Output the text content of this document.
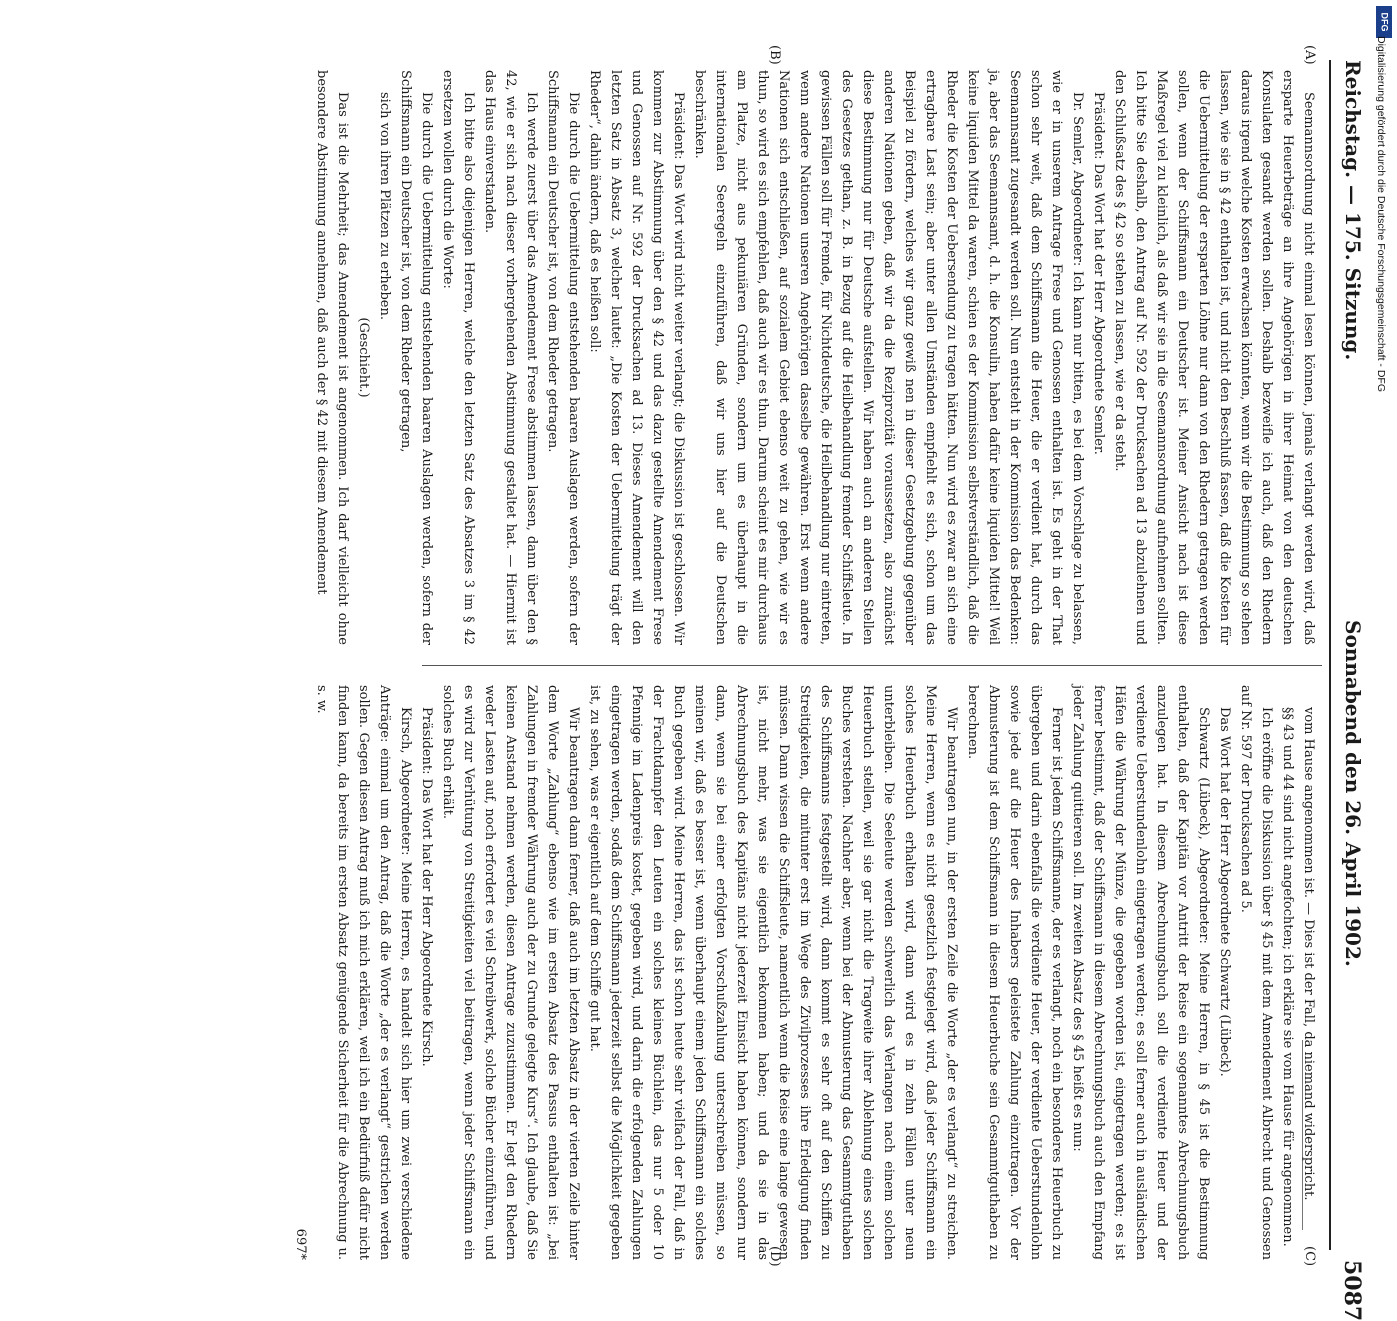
Reichstag. — 175. Sitzung.
Sonnabend den 26. April 1902.
5087
(A)
(B)
(C)
(D)

Seemannsordnung nicht einmal lesen können, jemals verlangt werden wird, daß ersparte Heuerbeträge an ihre Angehörigen in ihrer Heimat von den deutschen Konsulaten gesandt werden sollen. Deshalb bezweifle ich auch, daß den Rhedern daraus irgend welche Kosten erwachsen könnten, wenn wir die Bestimmung so stehen lassen, wie sie in § 42 enthalten ist, und nicht den Beschluß fassen, daß die Kosten für die Uebermittelung der ersparten Löhne nur dann von den Rhedern getragen werden sollen, wenn der Schiffsmann ein Deutscher ist. Meiner Ansicht nach ist diese Maßregel viel zu kleinlich, als daß wir sie in die Seemannsordnung aufnehmen sollten. Ich bitte Sie deshalb, den Antrag auf Nr. 592 der Drucksachen ad 13 abzulehnen und den Schlußsatz des § 42 so stehen zu lassen, wie er da steht.

Präsident: Das Wort hat der Herr Abgeordnete Semler.

Dr. Semler, Abgeordneter: Ich kann nur bitten, es bei dem Vorschlage zu belassen, wie er in unserem Antrage Frese und Genossen enthalten ist. Es geht in der That schon sehr weit, daß dem Schiffsmann die Heuer, die er verdient hat, durch das Seemannsamt zugesandt werden soll. Nun entsteht in der Kommission das Bedenken: ja, aber das Seemannsamt, d. h. die Konsulin, haben dafür keine liquiden Mittel! Weil keine liquiden Mittel da waren, schien es der Kommission selbstverständlich, daß die Rheder die Kosten der Uebersendung zu tragen hätten. Nun wird es zwar an sich eine ertragbare Last sein; aber unter allen Umständen empfiehlt es sich, schon um das Beispiel zu fördern, welches wir ganz gewiß nen in dieser Gesetzgebung gegenüber anderen Nationen geben, daß wir da die Reziprozität voraussetzen, also zunächst diese Bestimmung nur für Deutsche aufstellen. Wir haben auch an anderen Stellen des Gesetzes gethan, z. B. in Bezug auf die Heilbehandlung fremder Schiffsleute. In gewissen Fällen soll für Fremde, für Nichtdeutsche, die Heilbehandlung nur eintreten, wenn andere Nationen unseren Angehörigen dasselbe gewähren. Erst wenn andere Nationen sich entschließen, auf sozialem Gebiet ebenso weit zu gehen, wie wir es thun, so wird es sich empfehlen, daß auch wir es thun. Darum scheint es mir durchaus am Platze, nicht aus pekuniären Gründen, sondern um es überhaupt in die internationalen Seeregeln einzuführen, daß wir uns hier auf die Deutschen beschränken.

Präsident: Das Wort wird nicht weiter verlangt; die Diskussion ist geschlossen. Wir kommen zur Abstimmung über den § 42 und das dazu gestellte Amendement Frese und Genossen auf Nr. 592 der Drucksachen ad 13. Dieses Amendement will den letzten Satz in Absatz 3, welcher lautet: „Die Kosten der Uebermittelung trägt der Rheder“, dahin ändern, daß es heißen soll:

Die durch die Uebermittelung entstehenden baaren Auslagen werden, sofern der Schiffsmann ein Deutscher ist, von dem Rheder getragen.

Ich werde zuerst über das Amendement Frese abstimmen lassen, dann über den § 42, wie er sich nach dieser vorhergehenden Abstimmung gestaltet hat. — Hiermit ist das Haus einverstanden.

Ich bitte also diejenigen Herren, welche den letzten Satz des Absatzes 3 im § 42 ersetzen wollen durch die Worte:

Die durch die Uebermittelung entstehenden baaren Auslagen werden, sofern der Schiffsmann ein Deutscher ist, von dem Rheder getragen,

sich von ihren Plätzen zu erheben.

(Geschieht.)

Das ist die Mehrheit; das Amendement ist angenommen. Ich darf vielleicht ohne besondere Abstimmung annehmen, daß auch der § 42 mit diesem Amendement

vom Hause angenommen ist. — Dies ist der Fall, da niemand widerspricht.

§§ 43 und 44 sind nicht angefochten; ich erkläre sie vom Hause für angenommen.

Ich eröffne die Diskussion über § 45 mit dem Amendement Albrecht und Genossen auf Nr. 597 der Drucksachen ad 5.

Das Wort hat der Herr Abgeordnete Schwartz (Lübeck).

Schwartz (Lübeck), Abgeordneter: Meine Herren, in § 45 ist die Bestimmung enthalten, daß der Kapitän vor Antritt der Reise ein sogenanntes Abrechnungsbuch anzulegen hat. In diesem Abrechnungsbuch soll die verdiente Heuer und der verdiente Ueberstundenlohn eingetragen werden; es soll ferner auch in ausländischen Häfen die Währung der Münze, die gegeben worden ist, eingetragen werden; es ist ferner bestimmt, daß der Schiffsmann in diesem Abrechnungsbuch auch den Empfang jeder Zahlung quittieren soll. Im zweiten Absatz des § 45 heißt es nun:

Ferner ist jedem Schiffsmanne, der es verlangt, noch ein besonderes Heuerbuch zu übergeben und darin ebenfalls die verdiente Heuer, der verdiente Ueberstundenlohn sowie jede auf die Heuer des Inhabers geleistete Zahlung einzutragen. Vor der Abmusterung ist dem Schiffsmann in diesem Heuerbuche sein Gesammtguthaben zu berechnen.

Wir beantragen nun, in der ersten Zeile die Worte „der es verlangt“ zu streichen. Meine Herren, wenn es nicht gesetzlich festgelegt wird, daß jeder Schiffsmann ein solches Heuerbuch erhalten wird, dann wird es in zehn Fällen unter neun unterbleiben. Die Seeleute werden schwerlich das Verlangen nach einem solchen Heuerbuch stellen, weil sie gar nicht die Tragweite ihrer Ablehnung eines solchen Buches verstehen. Nachher aber, wenn bei der Abmusterung das Gesammtguthaben des Schiffsmanns festgestellt wird, dann kommt es sehr oft auf den Schiffen zu Streitigkeiten, die mitunter erst im Wege des Zivilprozesses ihre Erledigung finden müssen. Dann wissen die Schiffsleute, namentlich wenn die Reise eine lange gewesen ist, nicht mehr, was sie eigentlich bekommen haben; und da sie in das Abrechnungsbuch des Kapitäns nicht jederzeit Einsicht haben können, sondern nur dann, wenn sie bei einer erfolgten Vorschußzahlung unterschreiben müssen, so meinen wir, daß es besser ist, wenn überhaupt einem jeden Schiffsmann ein solches Buch gegeben wird. Meine Herren, das ist schon heute sehr vielfach der Fall, daß in der Frachtdampfer den Leuten ein solches kleines Büchlein, das nur 5 oder 10 Pfennige im Ladenpreis kostet, gegeben wird, und darin die erfolgenden Zahlungen eingetragen werden, sodaß dem Schiffsmann jederzeit selbst die Möglichkeit gegeben ist, zu sehen, was er eigentlich auf dem Schiffe gut hat.

Wir beantragen dann ferner, daß auch im letzten Absatz in der vierten Zeile hinter dem Worte „Zahlung“ ebenso wie im ersten Absatz des Passus enthalten ist: „bei Zahlungen in fremder Währung auch der zu Grunde gelegte Kurs“. Ich glaube, daß Sie keinen Anstand nehmen werden, diesen Antrage zuzustimmen. Er legt den Rhedern weder Lasten auf, noch erfordert es viel Schreibwerk, solche Bücher einzuführen, und es wird zur Verhütung von Streitigkeiten viel beitragen, wenn jeder Schiffsmann ein solches Buch erhält.

Präsident: Das Wort hat der Herr Abgeordnete Kirsch.

Kirsch, Abgeordneter: Meine Herren, es handelt sich hier um zwei verschiedene Anträge: einmal um den Antrag, daß die Worte „der es verlangt“ gestrichen werden sollen. Gegen diesen Antrag muß ich mich erklären, weil ich ein Bedürfniß dafür nicht finden kann, da bereits im ersten Absatz genügende Sicherheit für die Abrechnung u. s. w.

697*

DFG
Digitalisierung gefördert durch die Deutsche Forschungsgemeinschaft - DFG
